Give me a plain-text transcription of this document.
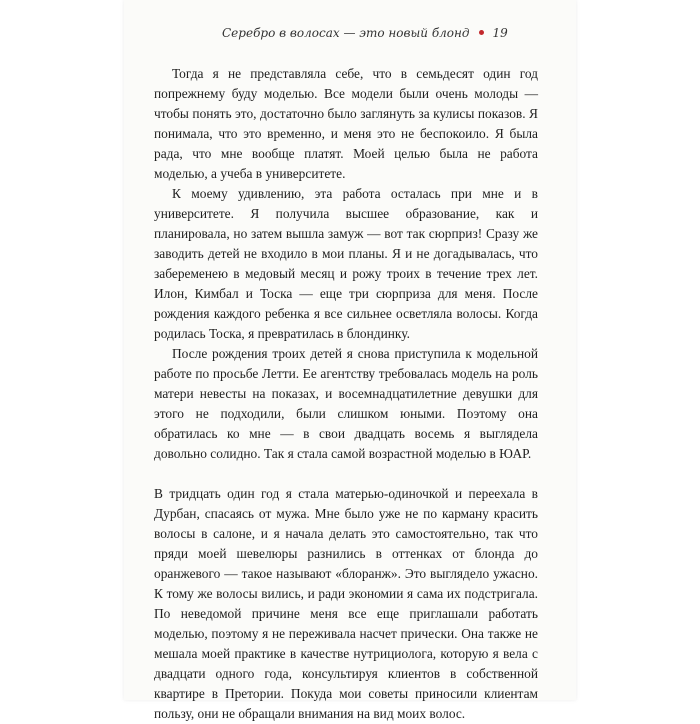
Серебро в волосах — это новый блонд 19

Тогда я не представляла себе, что в семьдесят один год попрежнему буду моделью. Все модели были очень молоды — чтобы понять это, достаточно было заглянуть за кулисы показов. Я понимала, что это временно, и меня это не беспокоило. Я была рада, что мне вообще платят. Моей целью была не работа моделью, а учеба в университете.

К моему удивлению, эта работа осталась при мне и в университете. Я получила высшее образование, как и планировала, но затем вышла замуж — вот так сюрприз! Сразу же заводить детей не входило в мои планы. Я и не догадывалась, что забеременею в медовый месяц и рожу троих в течение трех лет. Илон, Кимбал и Тоска — еще три сюрприза для меня. После рождения каждого ребенка я все сильнее осветляла волосы. Когда родилась Тоска, я превратилась в блондинку.

После рождения троих детей я снова приступила к модельной работе по просьбе Летти. Ее агентству требовалась модель на роль матери невесты на показах, и восемнадцатилетние девушки для этого не подходили, были слишком юными. Поэтому она обратилась ко мне — в свои двадцать восемь я выглядела довольно солидно. Так я стала самой возрастной моделью в ЮАР.

В тридцать один год я стала матерью-одиночкой и переехала в Дурбан, спасаясь от мужа. Мне было уже не по карману красить волосы в салоне, и я начала делать это самостоятельно, так что пряди моей шевелюры разнились в оттенках от блонда до оранжевого — такое называют «блоранж». Это выглядело ужасно. К тому же волосы вились, и ради экономии я сама их подстригала. По неведомой причине меня все еще приглашали работать моделью, поэтому я не переживала насчет прически. Она также не мешала моей практике в качестве нутрициолога, которую я вела с двадцати одного года, консультируя клиентов в собственной квартире в Претории. Покуда мои советы приносили клиентам пользу, они не обращали внимания на вид моих волос.
